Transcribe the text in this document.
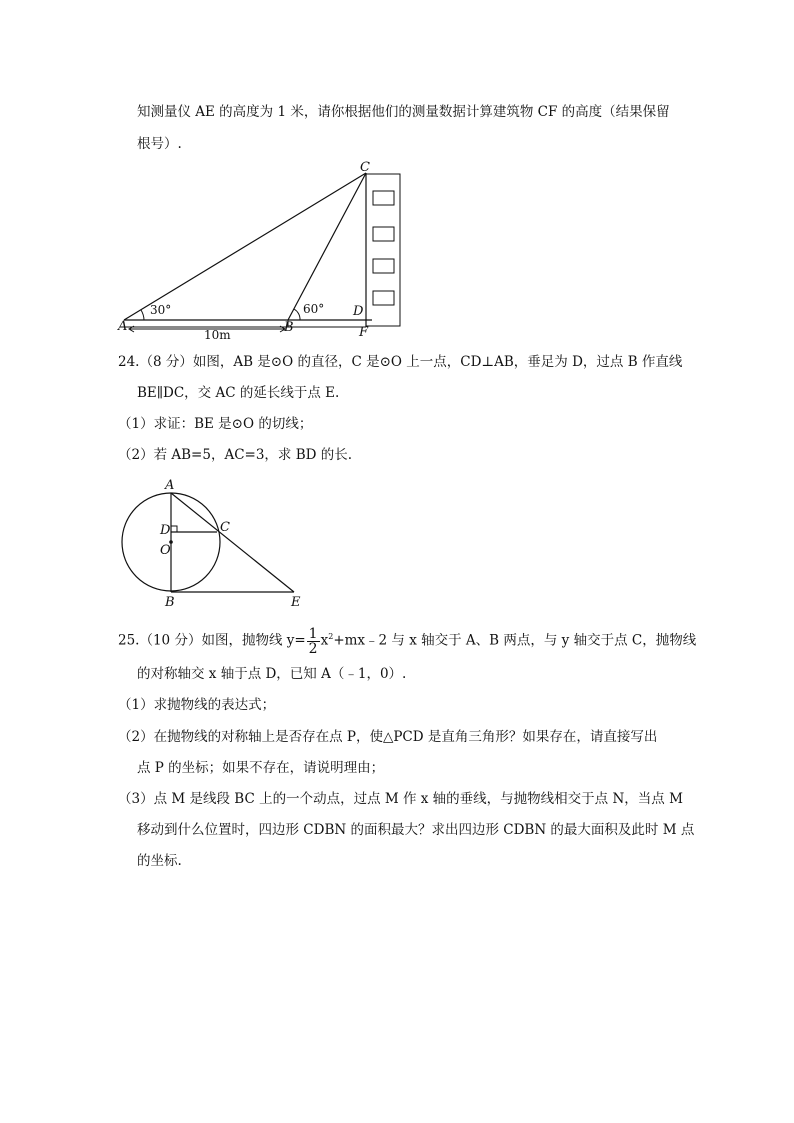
知测量仪 AE 的高度为 1 米，请你根据他们的测量数据计算建筑物 CF 的高度（结果保留
根号）.
30°	60°
10m
C
A	B
D
F
24.（8 分）如图，AB 是⊙O 的直径，C 是⊙O 上一点，CD⊥AB，垂足为 D，过点 B 作直线
BE∥DC，交 AC 的延长线于点 E.
（1）求证：BE 是⊙O 的切线；
（2）若 AB=5，AC=3，求 BD 的长.
A
D
O
C
B	E
25.（10 分）如图，抛物线 $y= \frac{1}{2}$ $x^2+mx﹣2$ 与 x 轴交于 A、B 两点，与 y 轴交于点 C，抛物线
的对称轴交 x 轴于点 D，已知 A（﹣1，0）.
（1）求抛物线的表达式；
（2）在抛物线的对称轴上是否存在点 P，使△PCD 是直角三角形？如果存在，请直接写出
点 P 的坐标；如果不存在，请说明理由；
（3）点 M 是线段 BC 上的一个动点，过点 M 作 x 轴的垂线，与抛物线相交于点 N，当点 M
移动到什么位置时，四边形 CDBN 的面积最大？求出四边形 CDBN 的最大面积及此时 M 点
的坐标.
